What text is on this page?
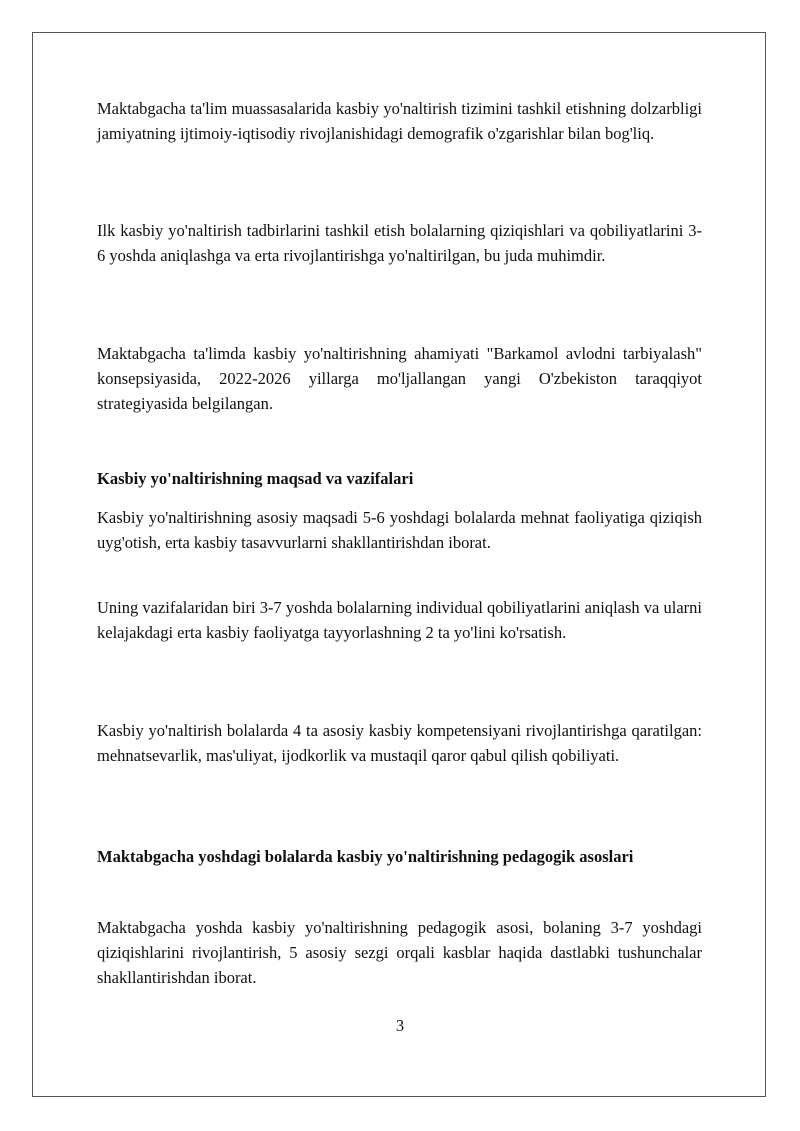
Maktabgacha ta'lim muassasalarida kasbiy yo'naltirish tizimini tashkil etishning dolzarbligi jamiyatning ijtimoiy-iqtisodiy rivojlanishidagi demografik o'zgarishlar bilan bog'liq.

Ilk kasbiy yo'naltirish tadbirlarini tashkil etish bolalarning qiziqishlari va qobiliyatlarini 3-6 yoshda aniqlashga va erta rivojlantirishga yo'naltirilgan, bu juda muhimdir.

Maktabgacha ta'limda kasbiy yo'naltirishning ahamiyati "Barkamol avlodni tarbiyalash" konsepsiyasida, 2022-2026 yillarga mo'ljallangan yangi O'zbekiston taraqqiyot strategiyasida belgilangan.

Kasbiy yo'naltirishning maqsad va vazifalari

Kasbiy yo'naltirishning asosiy maqsadi 5-6 yoshdagi bolalarda mehnat faoliyatiga qiziqish uyg'otish, erta kasbiy tasavvurlarni shakllantirishdan iborat.

Uning vazifalaridan biri 3-7 yoshda bolalarning individual qobiliyatlarini aniqlash va ularni kelajakdagi erta kasbiy faoliyatga tayyorlashning 2 ta yo'lini ko'rsatish.

Kasbiy yo'naltirish bolalarda 4 ta asosiy kasbiy kompetensiyani rivojlantirishga qaratilgan: mehnatsevarlik, mas'uliyat, ijodkorlik va mustaqil qaror qabul qilish qobiliyati.

Maktabgacha yoshdagi bolalarda kasbiy yo'naltirishning pedagogik asoslari

Maktabgacha yoshda kasbiy yo'naltirishning pedagogik asosi, bolaning 3-7 yoshdagi qiziqishlarini rivojlantirish, 5 asosiy sezgi orqali kasblar haqida dastlabki tushunchalar shakllantirishdan iborat.

3
